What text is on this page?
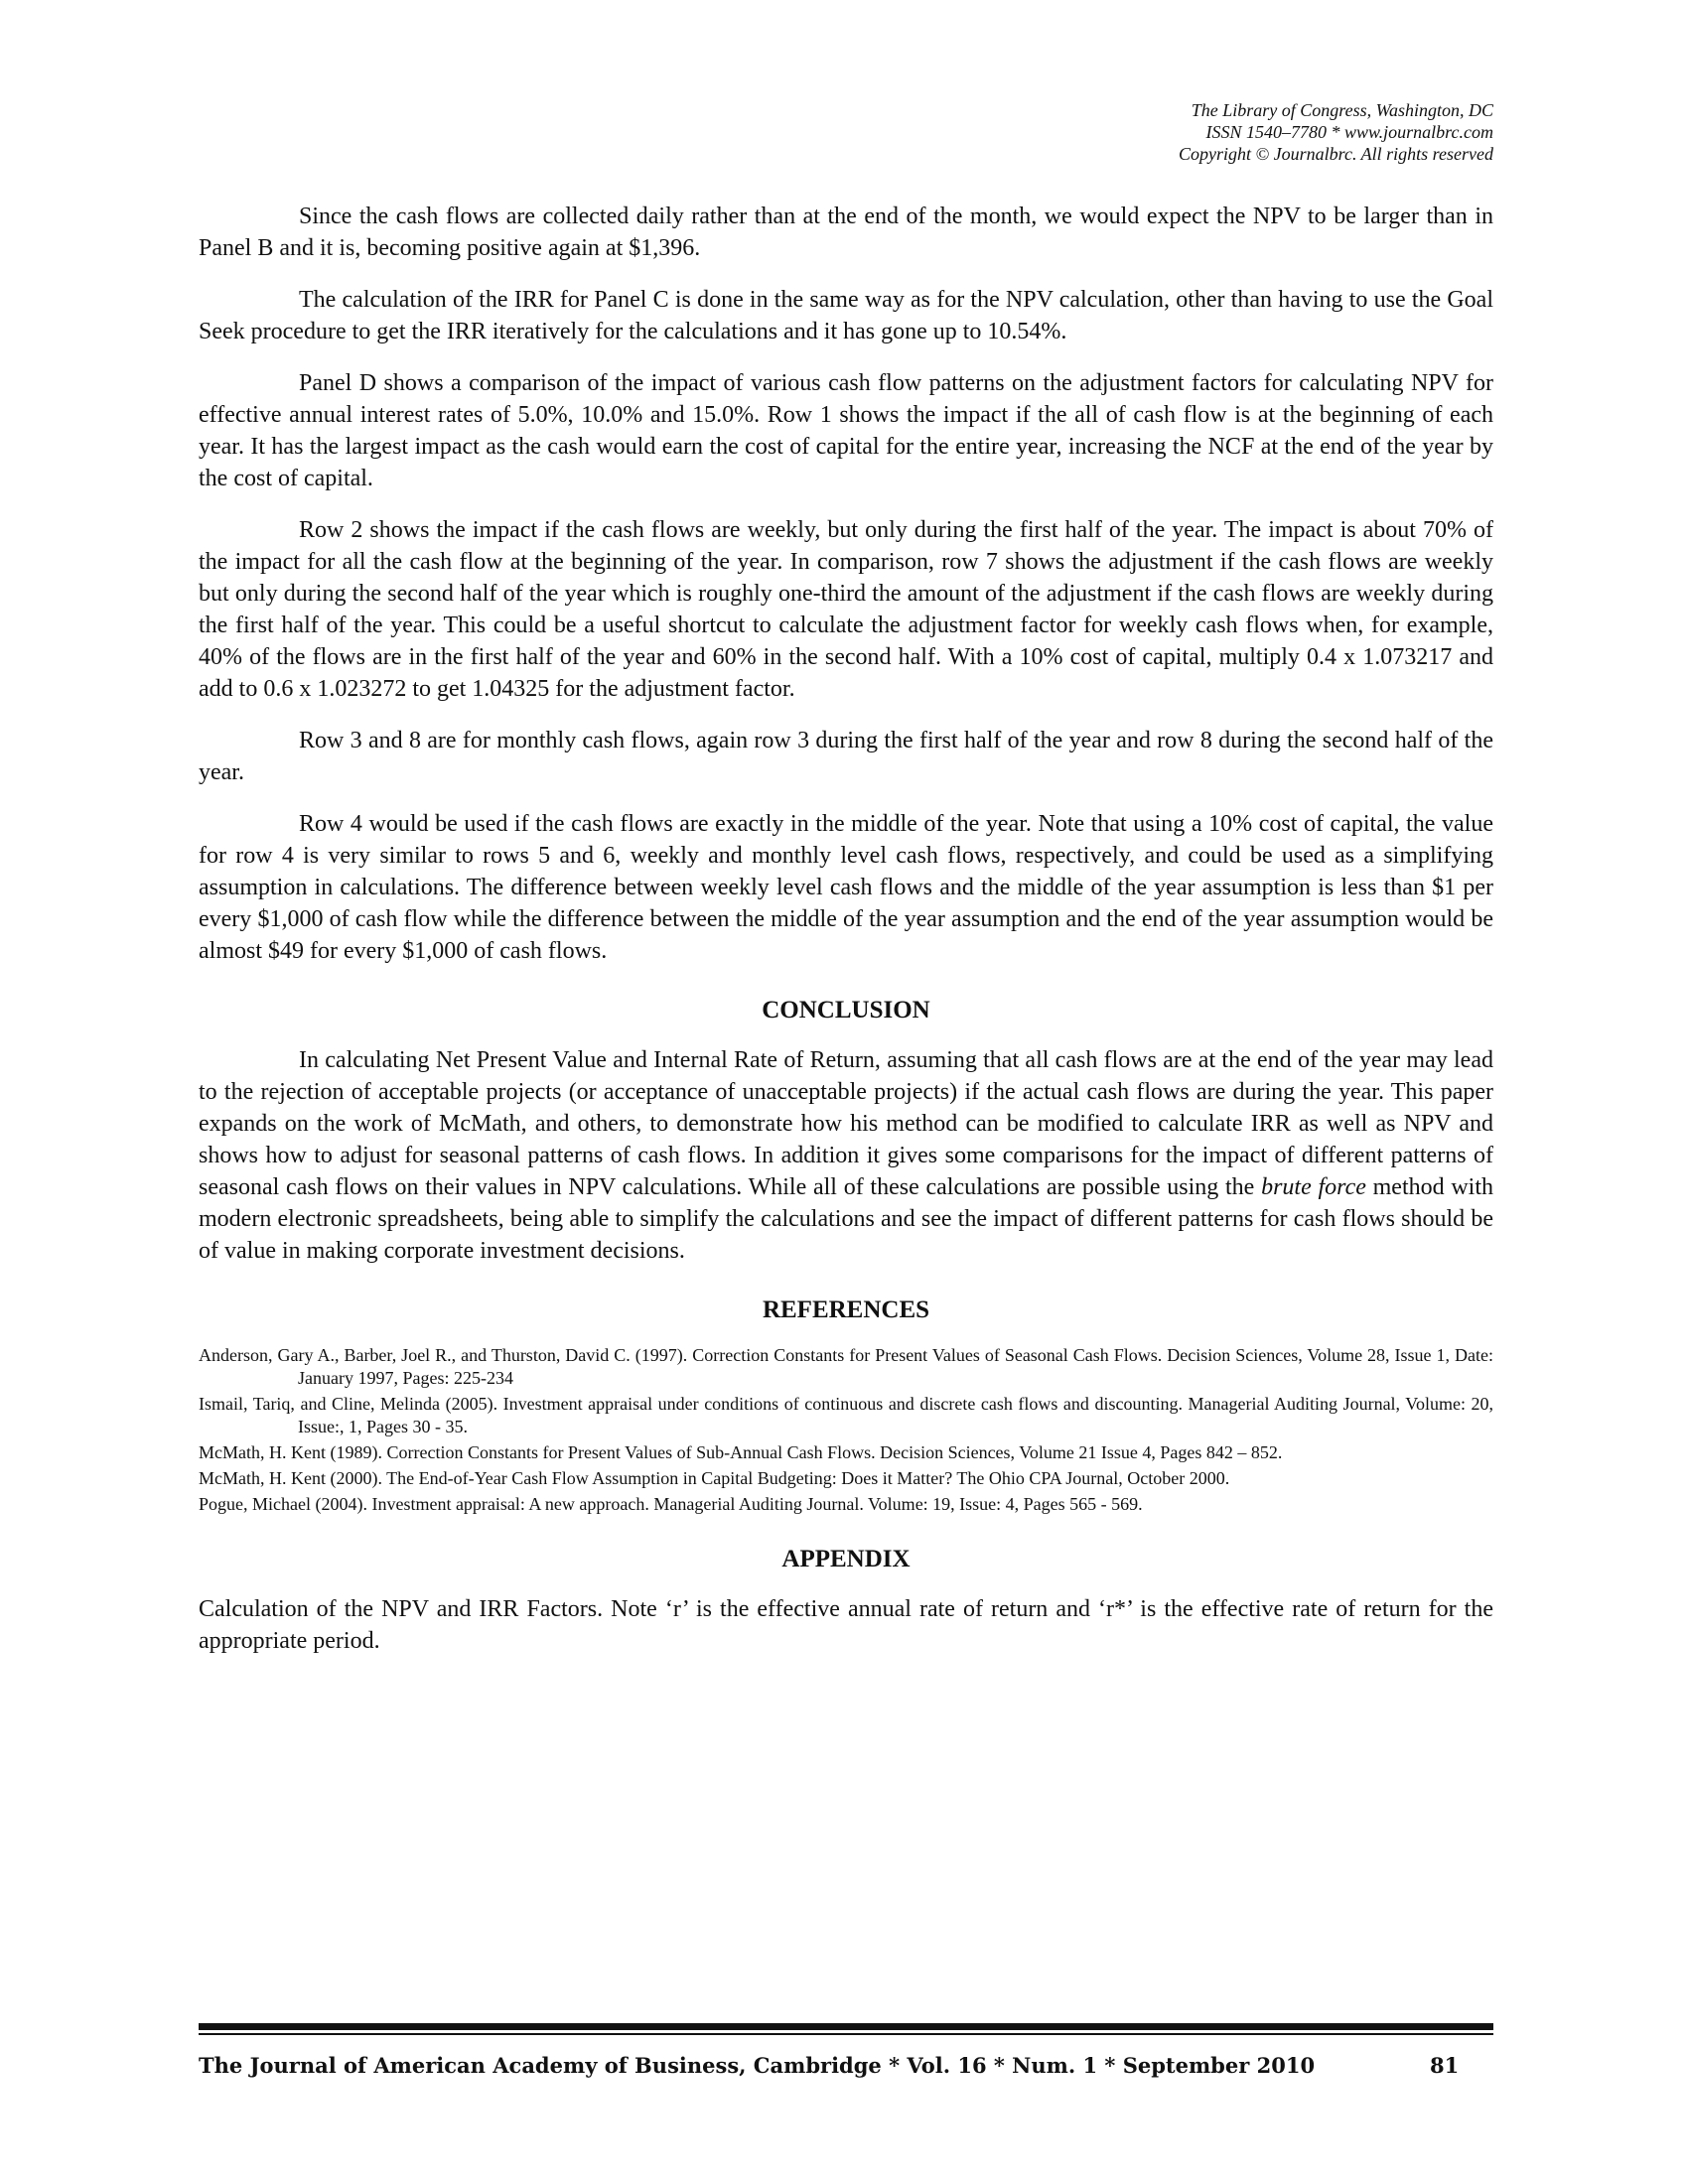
The Library of Congress, Washington, DC
ISSN 1540–7780 * www.journalbrc.com
Copyright © Journalbrc. All rights reserved

Since the cash flows are collected daily rather than at the end of the month, we would expect the NPV to be larger than in Panel B and it is, becoming positive again at $1,396.

The calculation of the IRR for Panel C is done in the same way as for the NPV calculation, other than having to use the Goal Seek procedure to get the IRR iteratively for the calculations and it has gone up to 10.54%.

Panel D shows a comparison of the impact of various cash flow patterns on the adjustment factors for calculating NPV for effective annual interest rates of 5.0%, 10.0% and 15.0%. Row 1 shows the impact if the all of cash flow is at the beginning of each year. It has the largest impact as the cash would earn the cost of capital for the entire year, increasing the NCF at the end of the year by the cost of capital.

Row 2 shows the impact if the cash flows are weekly, but only during the first half of the year. The impact is about 70% of the impact for all the cash flow at the beginning of the year. In comparison, row 7 shows the adjustment if the cash flows are weekly but only during the second half of the year which is roughly one-third the amount of the adjustment if the cash flows are weekly during the first half of the year. This could be a useful shortcut to calculate the adjustment factor for weekly cash flows when, for example, 40% of the flows are in the first half of the year and 60% in the second half. With a 10% cost of capital, multiply 0.4 x 1.073217 and add to 0.6 x 1.023272 to get 1.04325 for the adjustment factor.

Row 3 and 8 are for monthly cash flows, again row 3 during the first half of the year and row 8 during the second half of the year.

Row 4 would be used if the cash flows are exactly in the middle of the year. Note that using a 10% cost of capital, the value for row 4 is very similar to rows 5 and 6, weekly and monthly level cash flows, respectively, and could be used as a simplifying assumption in calculations. The difference between weekly level cash flows and the middle of the year assumption is less than $1 per every $1,000 of cash flow while the difference between the middle of the year assumption and the end of the year assumption would be almost $49 for every $1,000 of cash flows.

CONCLUSION

In calculating Net Present Value and Internal Rate of Return, assuming that all cash flows are at the end of the year may lead to the rejection of acceptable projects (or acceptance of unacceptable projects) if the actual cash flows are during the year. This paper expands on the work of McMath, and others, to demonstrate how his method can be modified to calculate IRR as well as NPV and shows how to adjust for seasonal patterns of cash flows. In addition it gives some comparisons for the impact of different patterns of seasonal cash flows on their values in NPV calculations. While all of these calculations are possible using the brute force method with modern electronic spreadsheets, being able to simplify the calculations and see the impact of different patterns for cash flows should be of value in making corporate investment decisions.

REFERENCES
Anderson, Gary A., Barber, Joel R., and Thurston, David C. (1997). Correction Constants for Present Values of Seasonal Cash Flows. Decision Sciences, Volume 28, Issue 1, Date: January 1997, Pages: 225-234
Ismail, Tariq, and Cline, Melinda (2005). Investment appraisal under conditions of continuous and discrete cash flows and discounting. Managerial Auditing Journal, Volume: 20, Issue:, 1, Pages 30 - 35.
McMath, H. Kent (1989). Correction Constants for Present Values of Sub-Annual Cash Flows. Decision Sciences, Volume 21 Issue 4, Pages 842 – 852.
McMath, H. Kent (2000). The End-of-Year Cash Flow Assumption in Capital Budgeting: Does it Matter? The Ohio CPA Journal, October 2000.
Pogue, Michael (2004). Investment appraisal: A new approach. Managerial Auditing Journal. Volume: 19, Issue: 4, Pages 565 - 569.
APPENDIX

Calculation of the NPV and IRR Factors. Note ‘r’ is the effective annual rate of return and ‘r*’ is the effective rate of return for the appropriate period.

The Journal of American Academy of Business, Cambridge * Vol. 16 * Num. 1 * September 2010	81
